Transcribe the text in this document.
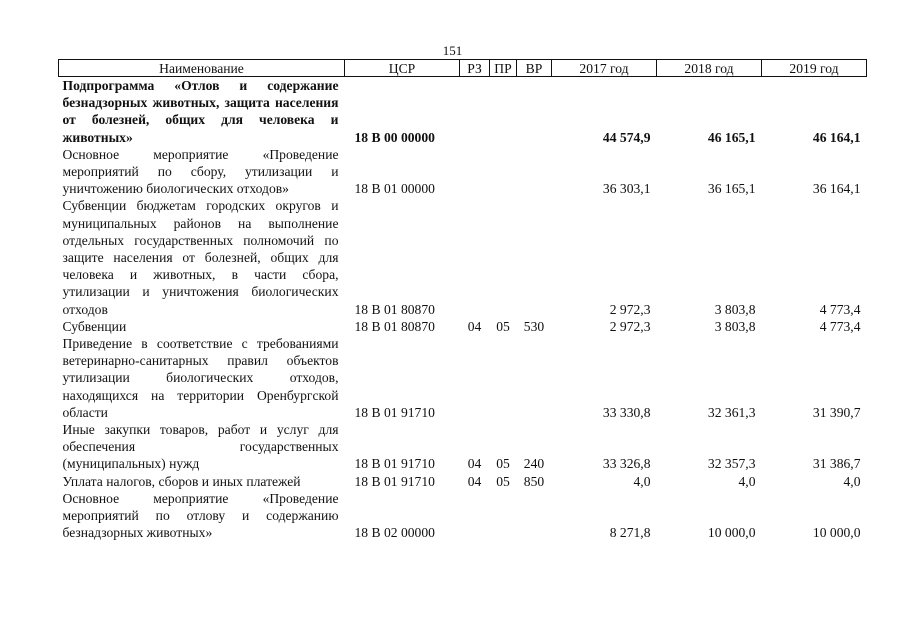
151
Наименование	ЦСР	РЗ	ПР	ВР	2017 год	2018 год	2019 год
Подпрограмма «Отлов и содержание безнадзорных животных, защита населения от болезней, общих для человека и животных»	18 В 00 00000				44 574,9	46 165,1	46 164,1
Основное мероприятие «Проведение мероприятий по сбору, утилизации и уничтожению биологических отходов»	18 В 01 00000				36 303,1	36 165,1	36 164,1
Субвенции бюджетам городских округов и муниципальных районов на выполнение отдельных государственных полномочий по защите населения от болезней, общих для человека и животных, в части сбора, утилизации и уничтожения биологических отходов	18 В 01 80870				2 972,3	3 803,8	4 773,4
Субвенции	18 В 01 80870	04	05	530	2 972,3	3 803,8	4 773,4
Приведение в соответствие с требованиями ветеринарно-санитарных правил объектов утилизации биологических отходов, находящихся на территории Оренбургской области	18 В 01 91710				33 330,8	32 361,3	31 390,7
Иные закупки товаров, работ и услуг для обеспечения государственных (муниципальных) нужд	18 В 01 91710	04	05	240	33 326,8	32 357,3	31 386,7
Уплата налогов, сборов и иных платежей	18 В 01 91710	04	05	850	4,0	4,0	4,0
Основное мероприятие «Проведение мероприятий по отлову и содержанию безнадзорных животных»	18 В 02 00000				8 271,8	10 000,0	10 000,0
